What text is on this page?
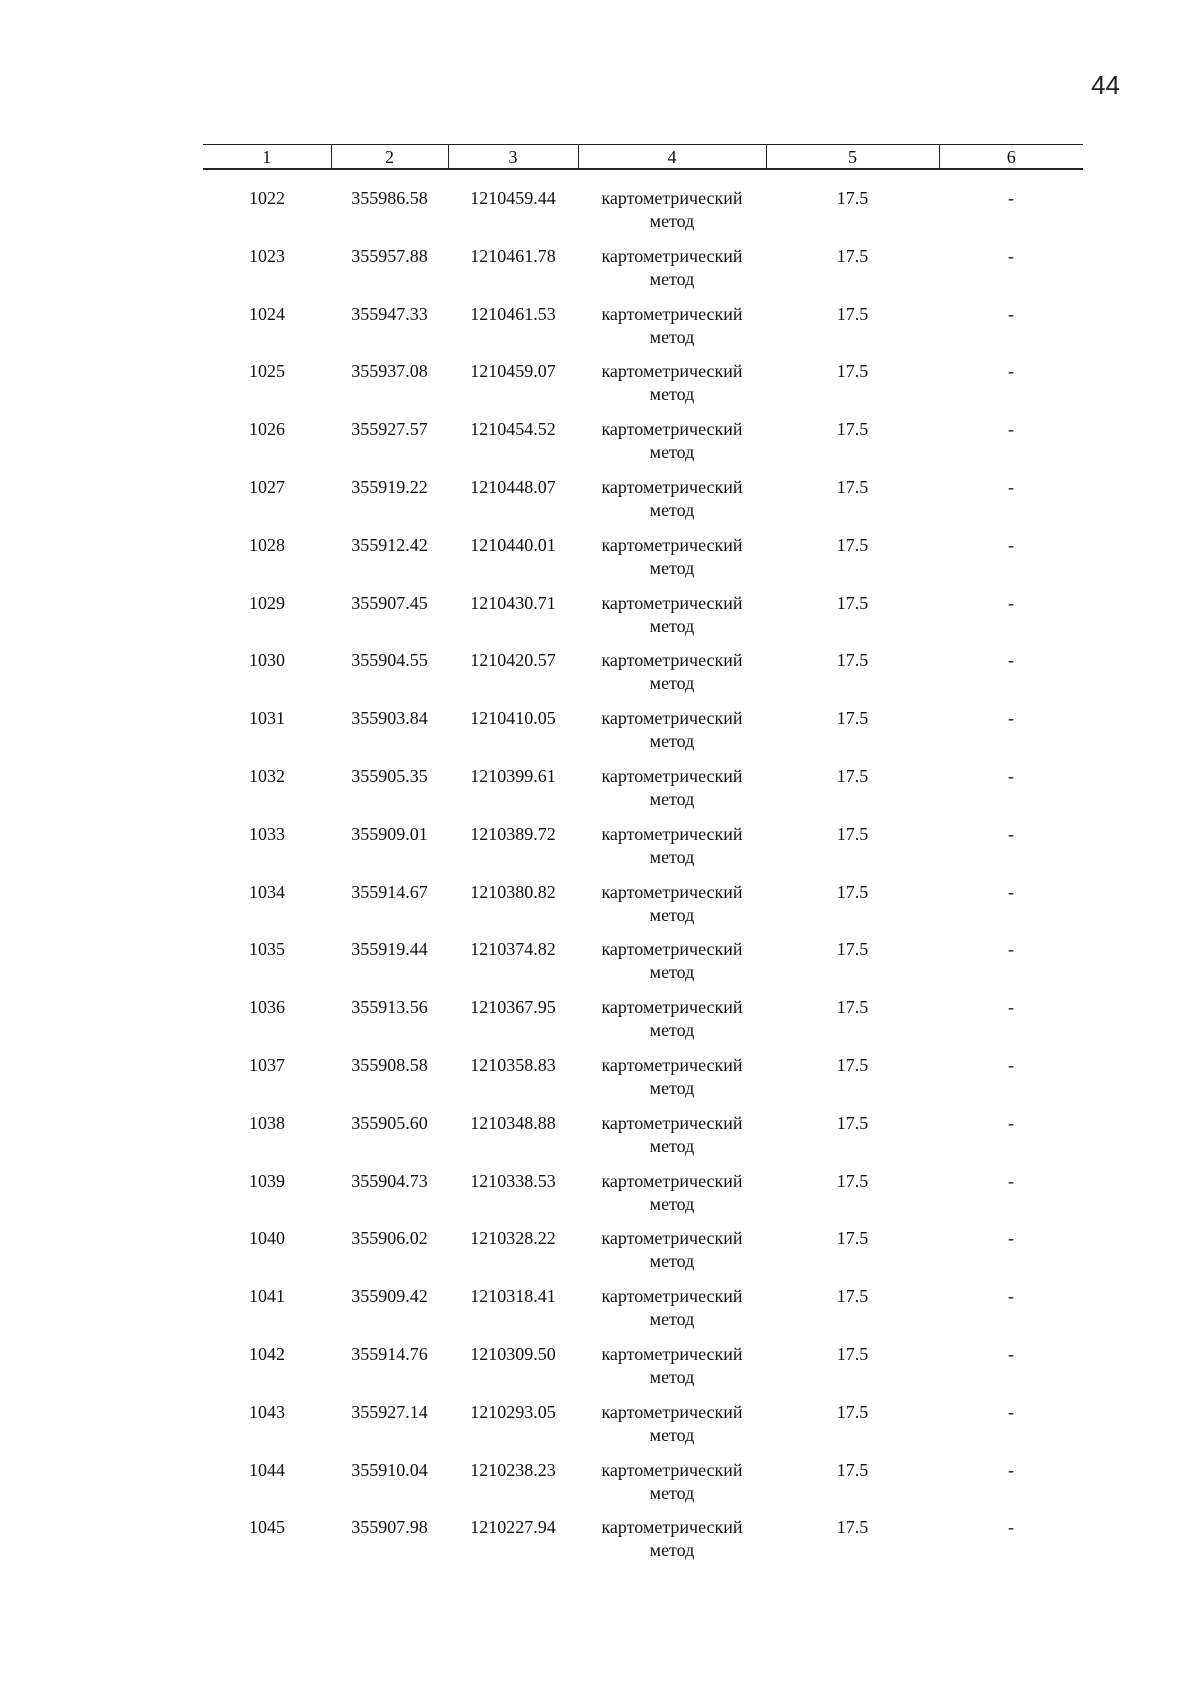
44
1	2	3	4	5	6
1022	355986.58	1210459.44	картометрический
метод	17.5	-
1023	355957.88	1210461.78	картометрический
метод	17.5	-
1024	355947.33	1210461.53	картометрический
метод	17.5	-
1025	355937.08	1210459.07	картометрический
метод	17.5	-
1026	355927.57	1210454.52	картометрический
метод	17.5	-
1027	355919.22	1210448.07	картометрический
метод	17.5	-
1028	355912.42	1210440.01	картометрический
метод	17.5	-
1029	355907.45	1210430.71	картометрический
метод	17.5	-
1030	355904.55	1210420.57	картометрический
метод	17.5	-
1031	355903.84	1210410.05	картометрический
метод	17.5	-
1032	355905.35	1210399.61	картометрический
метод	17.5	-
1033	355909.01	1210389.72	картометрический
метод	17.5	-
1034	355914.67	1210380.82	картометрический
метод	17.5	-
1035	355919.44	1210374.82	картометрический
метод	17.5	-
1036	355913.56	1210367.95	картометрический
метод	17.5	-
1037	355908.58	1210358.83	картометрический
метод	17.5	-
1038	355905.60	1210348.88	картометрический
метод	17.5	-
1039	355904.73	1210338.53	картометрический
метод	17.5	-
1040	355906.02	1210328.22	картометрический
метод	17.5	-
1041	355909.42	1210318.41	картометрический
метод	17.5	-
1042	355914.76	1210309.50	картометрический
метод	17.5	-
1043	355927.14	1210293.05	картометрический
метод	17.5	-
1044	355910.04	1210238.23	картометрический
метод	17.5	-
1045	355907.98	1210227.94	картометрический
метод	17.5	-
